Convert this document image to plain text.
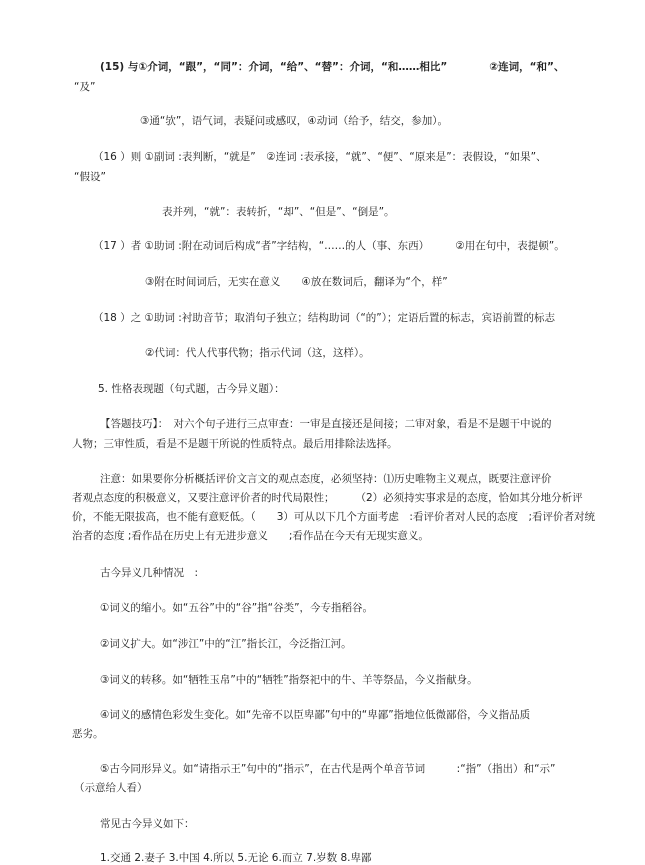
(15) 与①介词，“跟”，“同”：介词，“给”、“替”：介词，“和……相比”　　　　②连词，“和”、
“及”
③通“欤”，语气词，表疑问或感叹，④动词（给予，结交，参加）。
（16 ）则 ①副词 :表判断，“就是”　②连词 :表承接，“就”、“便”、“原来是”：表假设，“如果”、
“假设”
表并列，“就”：表转折，“却”、“但是”、“倒是”。
（17 ）者 ①助词 :附在动词后构成“者”字结构，“……的人（事、东西）　　　②用在句中，表提顿”。
③附在时间词后，无实在意义　　④放在数词后，翻译为“个，样”
（18 ）之 ①助词 :衬助音节；取消句子独立；结构助词（“的”）；定语后置的标志，宾语前置的标志
②代词：代人代事代物；指示代词（这，这样）。
5. 性格表现题（句式题，古今异义题）：
【答题技巧】：　对六个句子进行三点审查：一审是直接还是间接；二审对象，看是不是题干中说的
人物；三审性质，看是不是题干所说的性质特点。最后用排除法选择。
注意：如果要你分析概括评价文言文的观点态度，必须坚持：⑴历史唯物主义观点，既要注意评价
者观点态度的积极意义，又要注意评价者的时代局限性；　　　（2）必须持实事求是的态度，恰如其分地分析评
价，不能无限拔高，也不能有意贬低。（　　3）可从以下几个方面考虑　:看评价者对人民的态度　;看评价者对统
治者的态度 ;看作品在历史上有无进步意义　　;看作品在今天有无现实意义。
古今异义几种情况　:
①词义的缩小。如“五谷”中的“谷”指“谷类”，今专指稻谷。
②词义扩大。如“涉江”中的“江”指长江，今泛指江河。
③词义的转移。如“牺牲玉帛”中的“牺牲”指祭祀中的牛、羊等祭品，今义指献身。
④词义的感情色彩发生变化。如“先帝不以臣卑鄙”句中的“卑鄙”指地位低微鄙俗，今义指品质
恶劣。
⑤古今同形异义。如“请指示王”句中的“指示”，在古代是两个单音节词　　　:“指”（指出）和“示”
（示意给人看）
常见古今异义如下：
1.交通 2.妻子 3.中国 4.所以 5.无论 6.而立 7.岁数 8.卑鄙
